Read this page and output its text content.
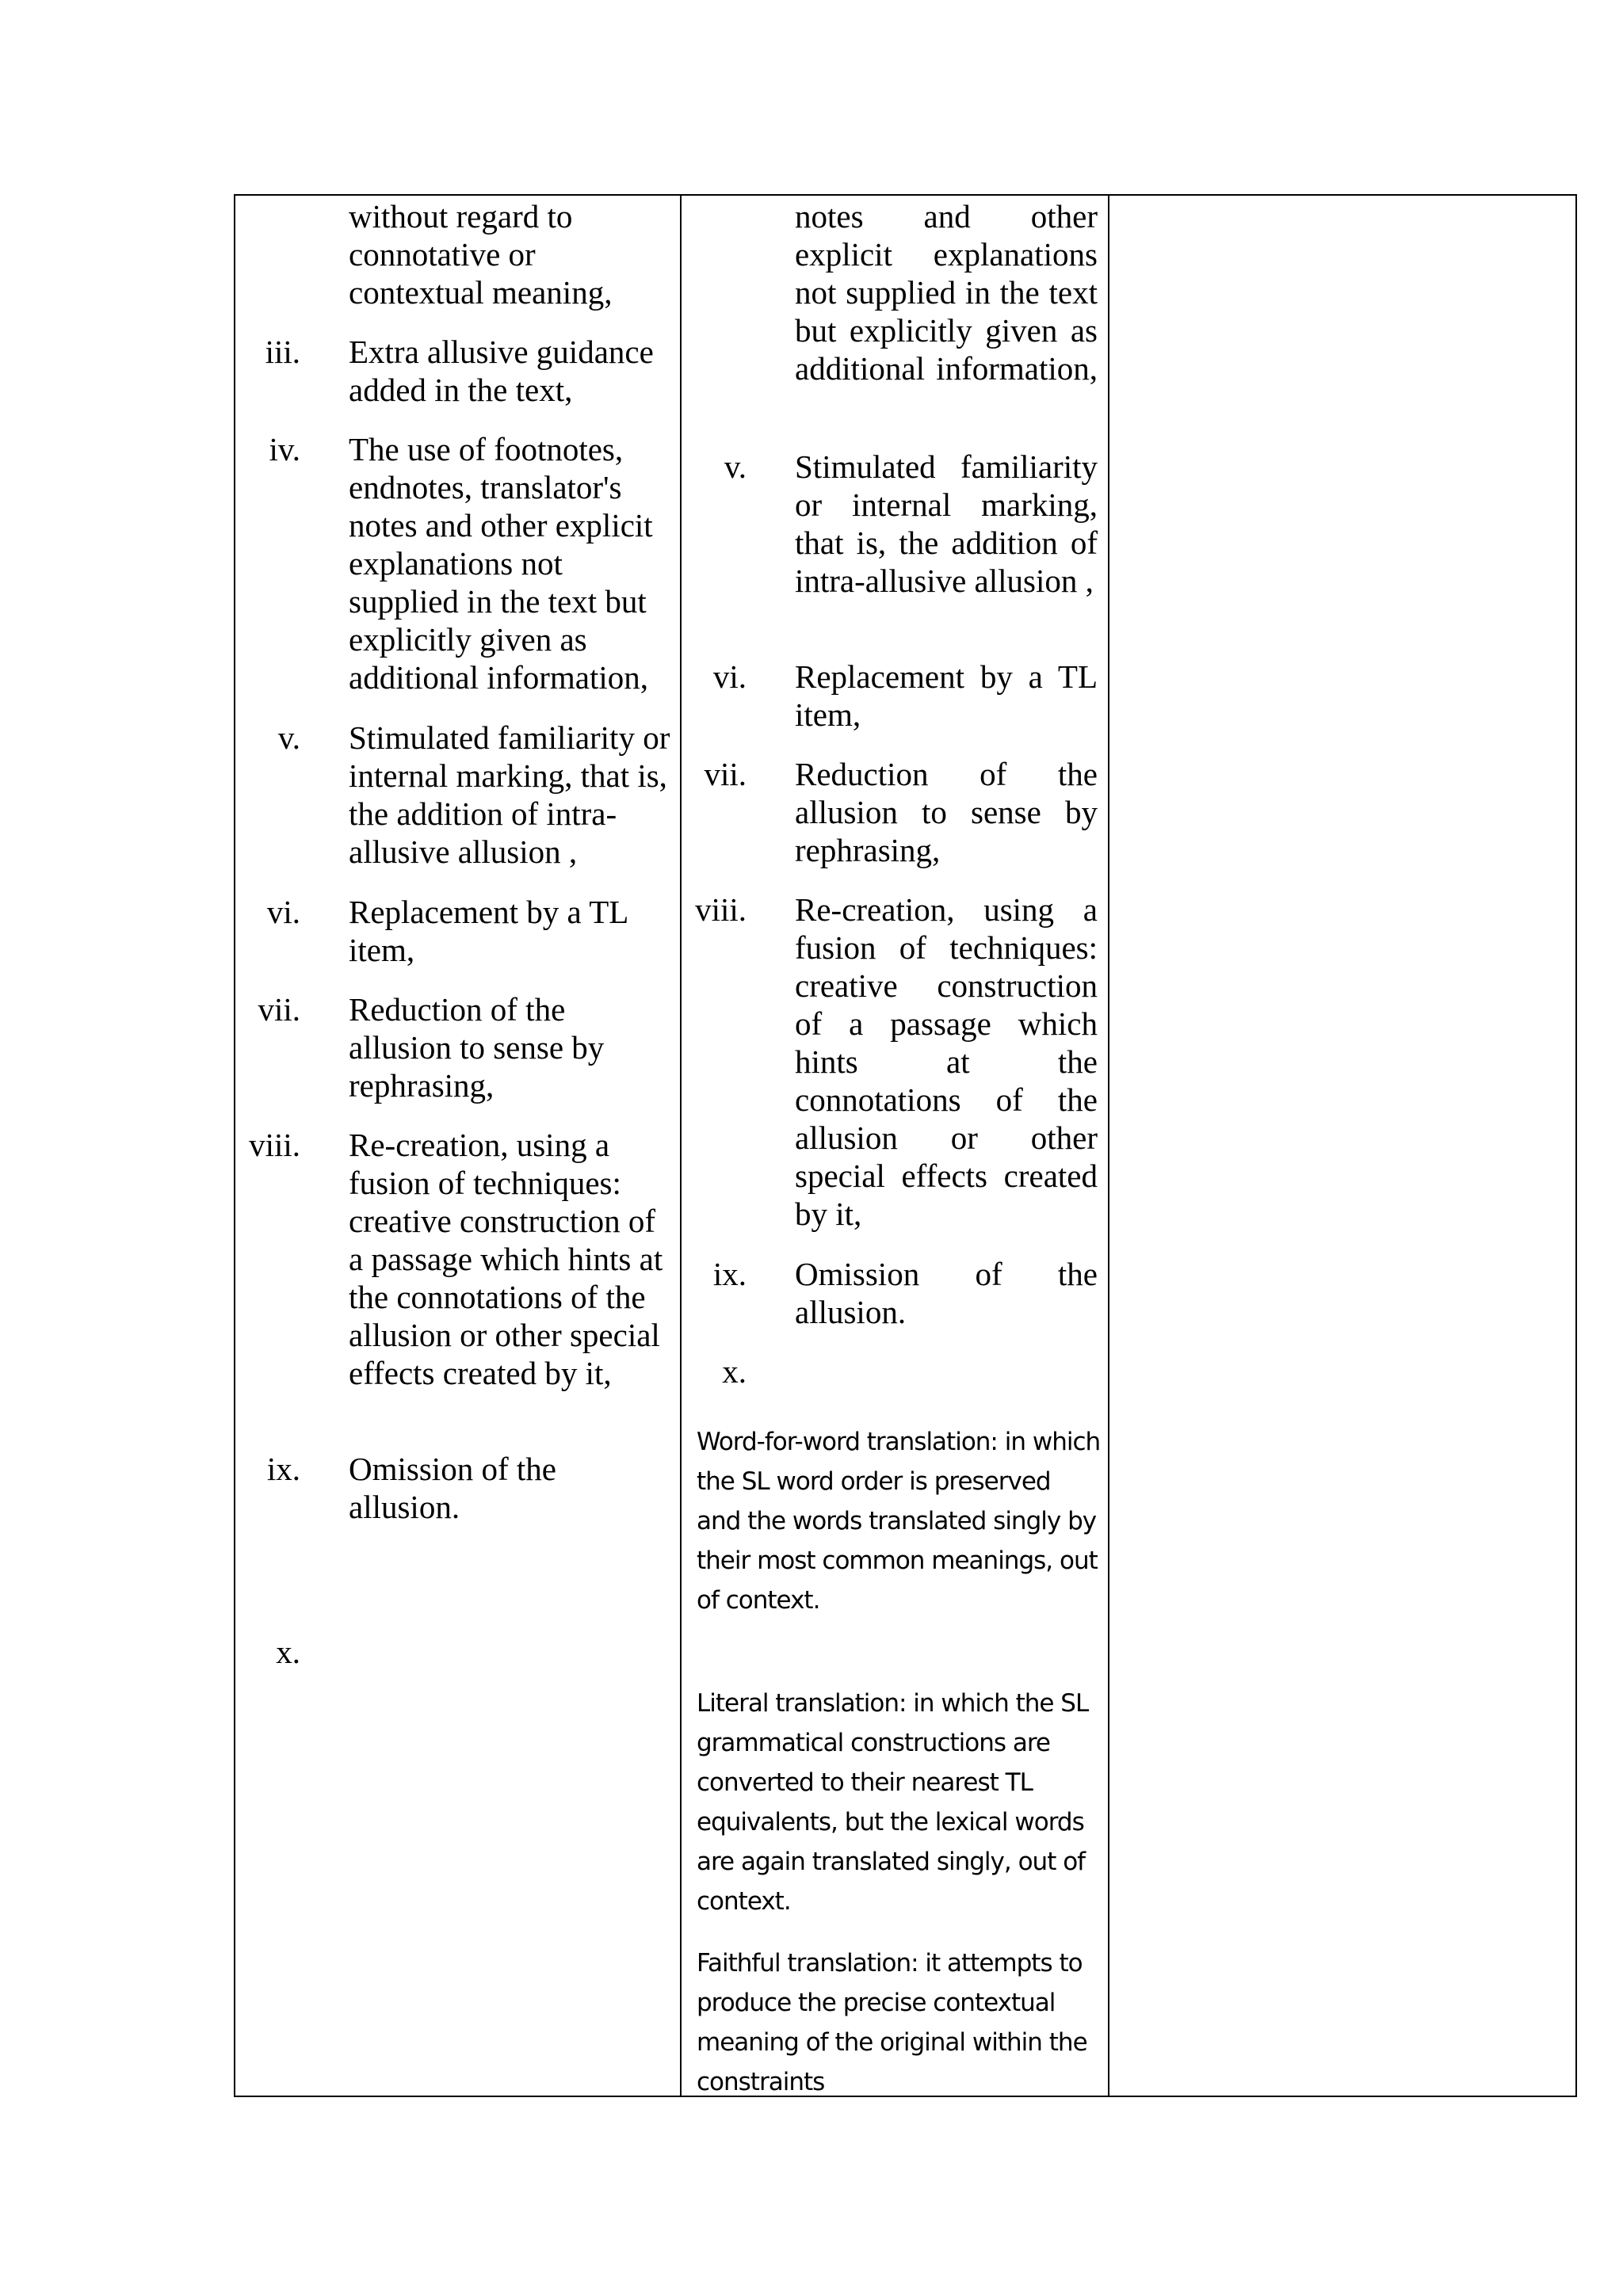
without regard to connotative or contextual meaning,

iii. Extra allusive guidance added in the text,

iv. The use of footnotes, endnotes, translator's notes and other explicit explanations not supplied in the text but explicitly given as additional information,

v. Stimulated familiarity or internal marking, that is, the addition of intra-allusive allusion ,

vi. Replacement by a TL item,

vii. Reduction of the allusion to sense by rephrasing,

viii. Re-creation, using a fusion of techniques: creative construction of a passage which hints at the connotations of the allusion or other special effects created by it,

ix. Omission of the allusion.

x.

notes and other explicit explanations not supplied in the text but explicitly given as additional information,

v. Stimulated familiarity or internal marking, that is, the addition of intra-allusive allusion ,

vi. Replacement by a TL item,

vii. Reduction of the allusion to sense by rephrasing,

viii. Re-creation, using a fusion of techniques: creative construction of a passage which hints at the connotations of the allusion or other special effects created by it,

ix. Omission of the allusion.

x.

Word-for-word translation: in which the SL word order is preserved and the words translated singly by their most common meanings, out of context.

Literal translation: in which the SL grammatical constructions are converted to their nearest TL equivalents, but the lexical words are again translated singly, out of context.

Faithful translation: it attempts to produce the precise contextual meaning of the original within the constraints
